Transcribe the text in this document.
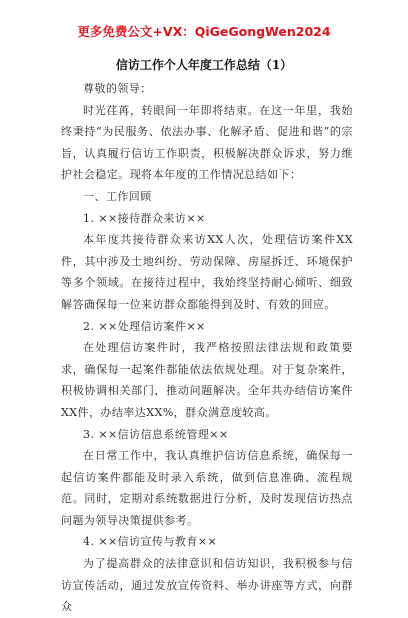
更多免费公文+VX：QiGeGongWen2024
信访工作个人年度工作总结（1）

尊敬的领导：

时光荏苒，转眼间一年即将结束。在这一年里，我始终秉持“为民服务、依法办事、化解矛盾、促进和谐”的宗旨，认真履行信访工作职责，积极解决群众诉求，努力维护社会稳定。现将本年度的工作情况总结如下：

一、工作回顾

1. ××接待群众来访××

本年度共接待群众来访XX人次，处理信访案件XX件，其中涉及土地纠纷、劳动保障、房屋拆迁、环境保护等多个领域。在接待过程中，我始终坚持耐心倾听、细致解答确保每一位来访群众都能得到及时、有效的回应。

2. ××处理信访案件××

在处理信访案件时，我严格按照法律法规和政策要求，确保每一起案件都能依法依规处理。对于复杂案件，积极协调相关部门，推动问题解决。全年共办结信访案件XX件，办结率达XX%，群众满意度较高。

3. ××信访信息系统管理××

在日常工作中，我认真维护信访信息系统，确保每一起信访案件都能及时录入系统，做到信息准确、流程规范。同时，定期对系统数据进行分析，及时发现信访热点问题为领导决策提供参考。

4. ××信访宣传与教育××

为了提高群众的法律意识和信访知识，我积极参与信访宣传活动，通过发放宣传资料、举办讲座等方式，向群众
